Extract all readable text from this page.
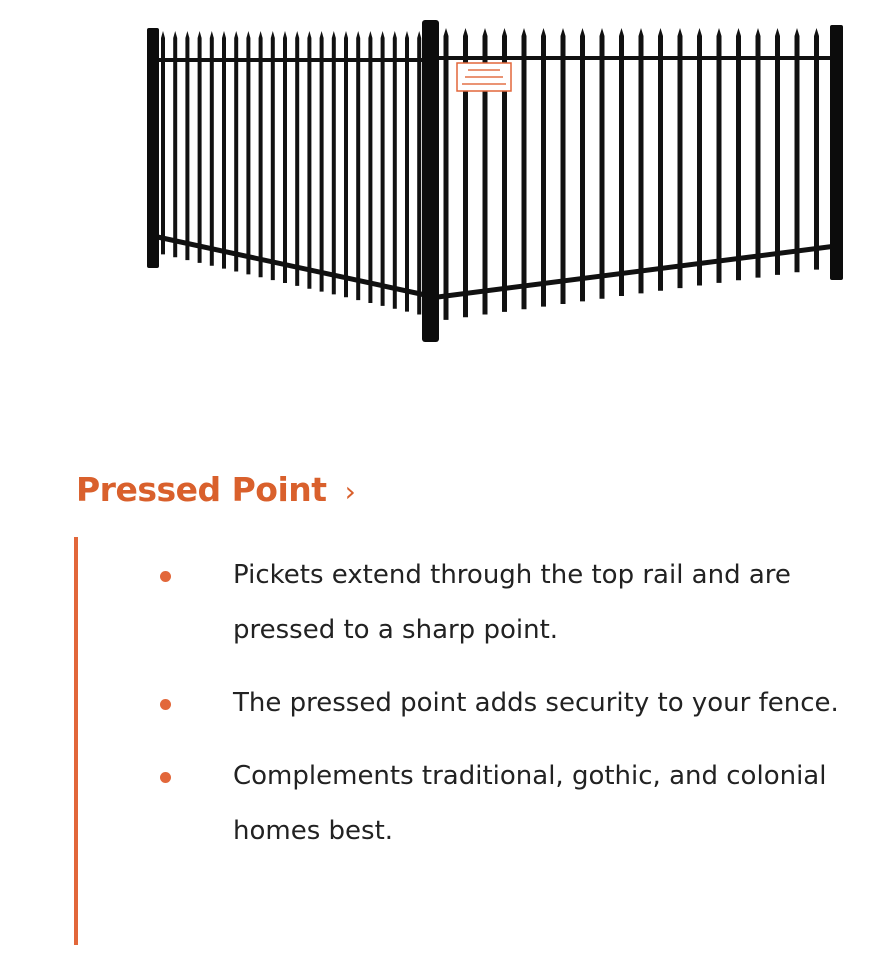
Pressed Point ›
Pickets extend through the top rail and are pressed to a sharp point.
The pressed point adds security to your fence.
Complements traditional, gothic, and colonial homes best.
